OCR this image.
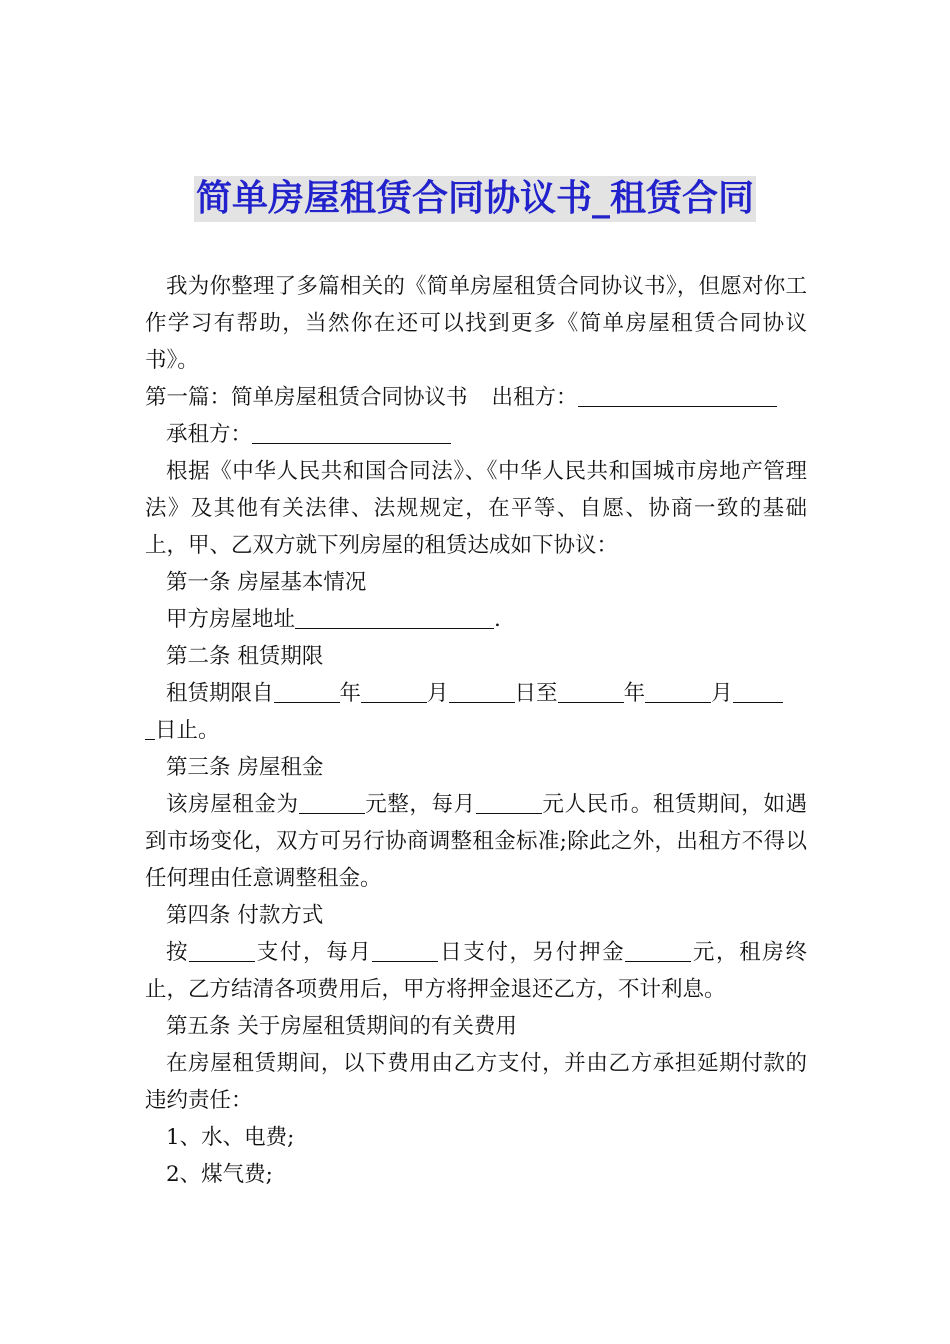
简单房屋租赁合同协议书_租赁合同

我为你整理了多篇相关的《简单房屋租赁合同协议书》，但愿对你工作学习有帮助，当然你在还可以找到更多《简单房屋租赁合同协议书》。

第一篇：简单房屋租赁合同协议书 出租方：

承租方：

根据《中华人民共和国合同法》、《中华人民共和国城市房地产管理法》及其他有关法律、法规规定，在平等、自愿、协商一致的基础上，甲、乙双方就下列房屋的租赁达成如下协议：

第一条 房屋基本情况

甲方房屋地址	.

第二条 租赁期限

租赁期限自	年	月	日至	年	月
日止。

第三条 房屋租金

该房屋租金为	元整，每月	元人民币。租赁期间，如遇到市场变化，双方可另行协商调整租金标准;除此之外，出租方不得以任何理由任意调整租金。

第四条 付款方式

按	支付，每月	日支付，另付押金	元，租房终止，乙方结清各项费用后，甲方将押金退还乙方，不计利息。

第五条 关于房屋租赁期间的有关费用

在房屋租赁期间，以下费用由乙方支付，并由乙方承担延期付款的违约责任：

1、水、电费;

2、煤气费;
